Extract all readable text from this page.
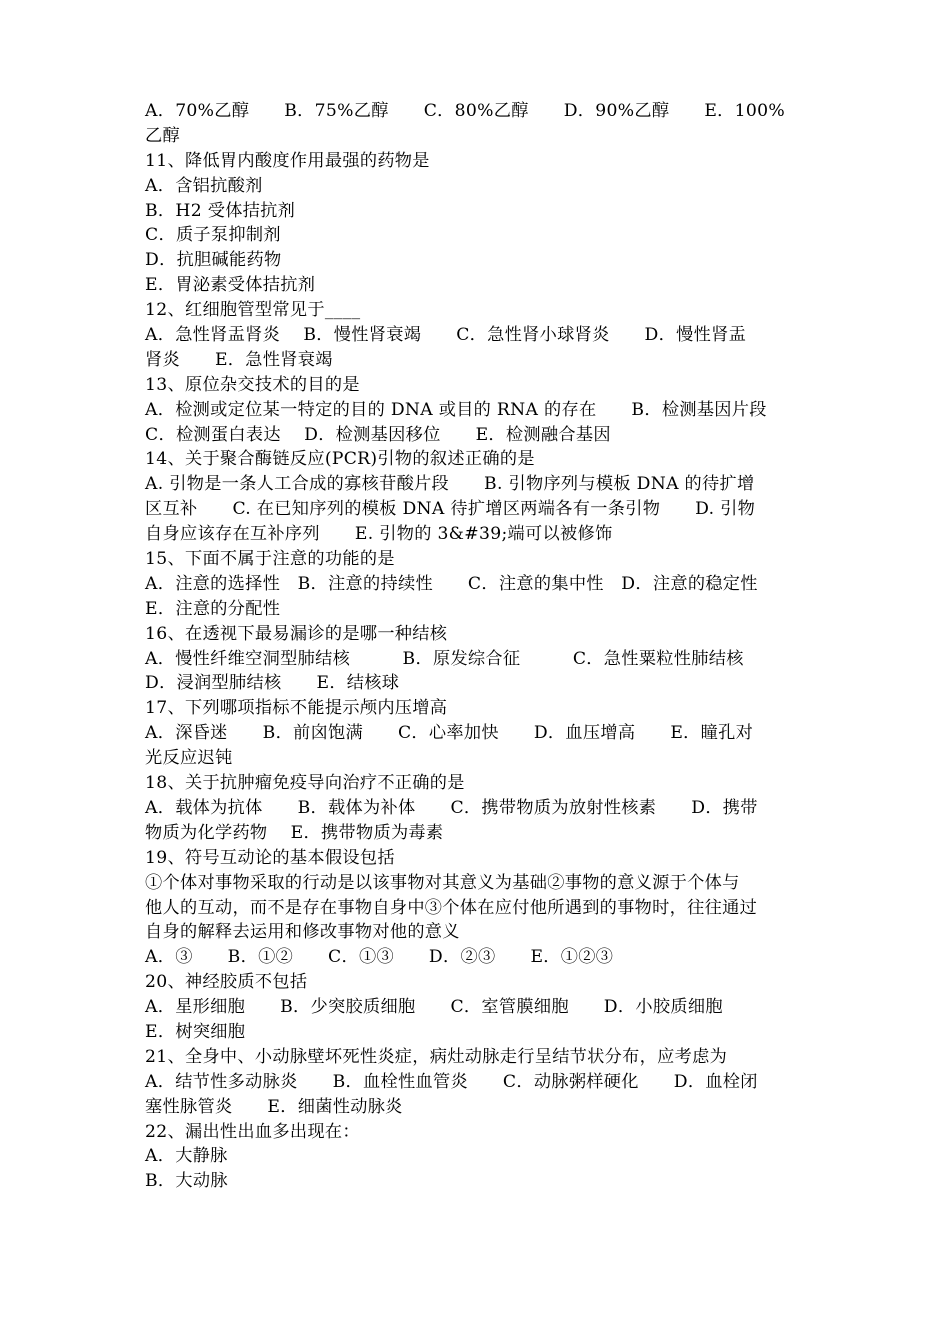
A．70%乙醇　　B．75%乙醇　　C．80%乙醇　　D．90%乙醇　　E．100%
乙醇
11、降低胃内酸度作用最强的药物是
A．含铝抗酸剂
B．H2 受体拮抗剂
C．质子泵抑制剂
D．抗胆碱能药物
E．胃泌素受体拮抗剂
12、红细胞管型常见于____
A．急性肾盂肾炎　 B．慢性肾衰竭　　C．急性肾小球肾炎　　D．慢性肾盂
肾炎　　E．急性肾衰竭
13、原位杂交技术的目的是
A．检测或定位某一特定的目的 DNA 或目的 RNA 的存在　　B．检测基因片段
C．检测蛋白表达　 D．检测基因移位　　E．检测融合基因
14、关于聚合酶链反应(PCR)引物的叙述正确的是
A. 引物是一条人工合成的寡核苷酸片段　　B. 引物序列与模板 DNA 的待扩增
区互补　　C. 在已知序列的模板 DNA 待扩增区两端各有一条引物　　D. 引物
自身应该存在互补序列　　E. 引物的 3&#39;端可以被修饰
15、下面不属于注意的功能的是
A．注意的选择性　B．注意的持续性　　C．注意的集中性　D．注意的稳定性
E．注意的分配性
16、在透视下最易漏诊的是哪一种结核
A．慢性纤维空洞型肺结核　　　B．原发综合征　　　C．急性粟粒性肺结核
D．浸润型肺结核　　E．结核球
17、下列哪项指标不能提示颅内压增高
A．深昏迷　　B．前囟饱满　　C．心率加快　　D．血压增高　　E．瞳孔对
光反应迟钝
18、关于抗肿瘤免疫导向治疗不正确的是
A．载体为抗体　　B．载体为补体　　C．携带物质为放射性核素　　D．携带
物质为化学药物　 E．携带物质为毒素
19、符号互动论的基本假设包括
①个体对事物采取的行动是以该事物对其意义为基础②事物的意义源于个体与
他人的互动，而不是存在事物自身中③个体在应付他所遇到的事物时，往往通过
自身的解释去运用和修改事物对他的意义
A．③　　B．①②　　C．①③　　D．②③　　E．①②③
20、神经胶质不包括
A．星形细胞　　B．少突胶质细胞　　C．室管膜细胞　　D．小胶质细胞
E．树突细胞
21、全身中、小动脉壁坏死性炎症，病灶动脉走行呈结节状分布，应考虑为
A．结节性多动脉炎　　B．血栓性血管炎　　C．动脉粥样硬化　　D．血栓闭
塞性脉管炎　　E．细菌性动脉炎
22、漏出性出血多出现在：
A．大静脉
B．大动脉
